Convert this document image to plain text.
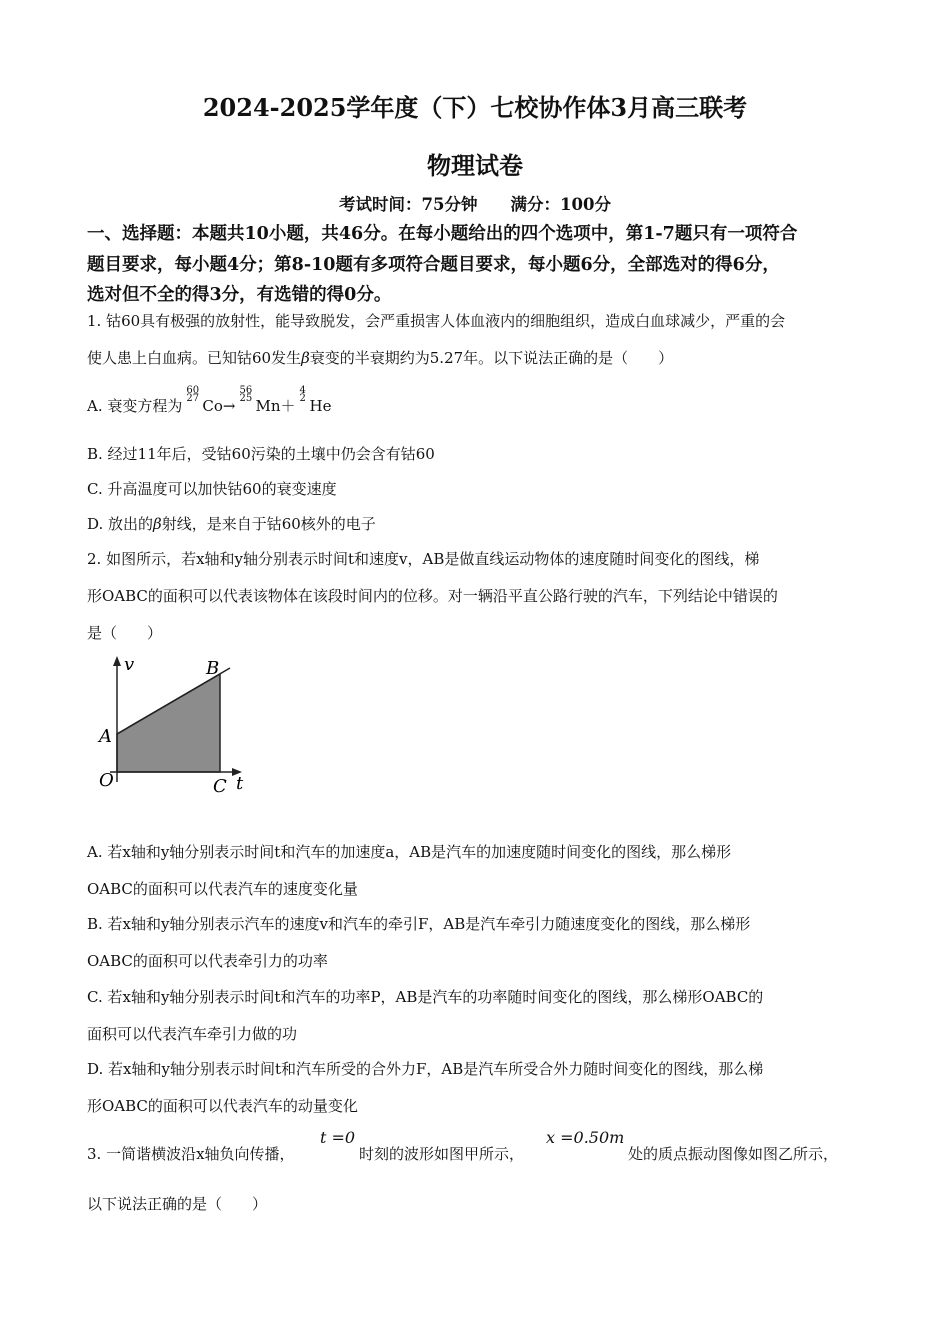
2024-2025学年度（下）七校协作体3月高三联考
物理试卷
考试时间：75分钟　　满分：100分
一、选择题：本题共10小题，共46分。在每小题给出的四个选项中，第1-7题只有一项符合
题目要求，每小题4分；第8-10题有多项符合题目要求，每小题6分，全部选对的得6分，
选对但不全的得3分，有选错的得0分。
1. 钴60具有极强的放射性，能导致脱发，会严重损害人体血液内的细胞组织，造成白血球减少，严重的会
使人患上白血病。已知钴60发生β衰变的半衰期约为5.27年。以下说法正确的是（　　）
A. 衰变方程为
60
27 Co→
56
25 Mn＋
4
2 He
B. 经过11年后，受钴60污染的土壤中仍会含有钴60
C. 升高温度可以加快钴60的衰变速度
D. 放出的β射线，是来自于钴60核外的电子
2. 如图所示，若x轴和y轴分别表示时间t和速度v，AB是做直线运动物体的速度随时间变化的图线，梯
形OABC的面积可以代表该物体在该段时间内的位移。对一辆沿平直公路行驶的汽车，下列结论中错误的
是（　　）
v
t
A
B
O	C
A. 若x轴和y轴分别表示时间t和汽车的加速度a，AB是汽车的加速度随时间变化的图线，那么梯形
OABC的面积可以代表汽车的速度变化量
B. 若x轴和y轴分别表示汽车的速度v和汽车的牵引F，AB是汽车牵引力随速度变化的图线，那么梯形
OABC的面积可以代表牵引力的功率
C. 若x轴和y轴分别表示时间t和汽车的功率P，AB是汽车的功率随时间变化的图线，那么梯形OABC的
面积可以代表汽车牵引力做的功
D. 若x轴和y轴分别表示时间t和汽车所受的合外力F，AB是汽车所受合外力随时间变化的图线，那么梯
形OABC的面积可以代表汽车的动量变化
3. 一简谐横波沿x轴负向传播，
t =0
时刻的波形如图甲所示，
x =0.50m
处的质点振动图像如图乙所示，
以下说法正确的是（　　）
